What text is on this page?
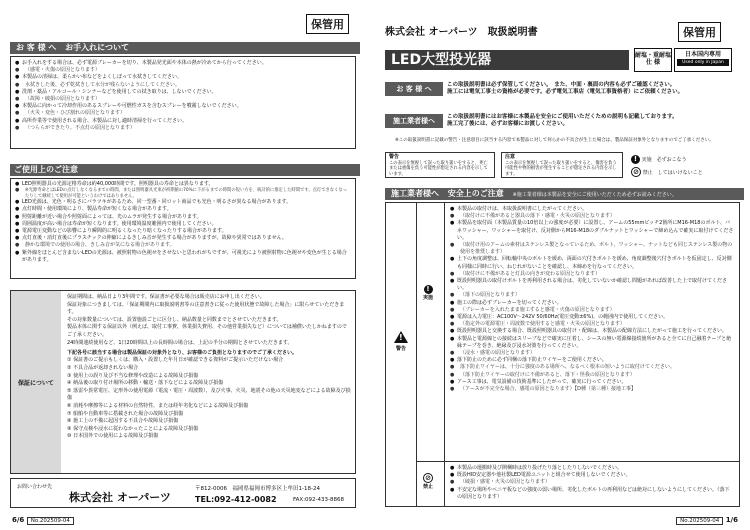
保管用
お 客 様 へ お手入れについて
● お手入れをする場合は、必ず電源ブレーカーを切り、本製品発光面や本体の熱が冷めてから行ってください。
● （感電・火傷の原因となります）
● 本製品の清掃は、柔らかい布などをよくしぼって水拭きしてください。
● 水拭きした後、必ず乾拭きして水分が残らないようにしてください。
● 洗剤・薬品・アルコール・シンナーなどを使用しての拭き取りは、しないでください。
● （故障・破損の原因となります）
● 本製品に向かって冷却作用のあるスプレーや可燃性ガスを含むスプレーを噴霧しないでください。
● （火災・変色・ひび割れの原因となります）
● 高所作業等で使用される場合、本製品に対し適時清掃を行ってください。
● （つららができたり、不点灯の原因となります）
ご使用上のご注意
● LED照明器具の光源定格寿命は約40,000時間です。照明器具の寿命とは異なります。
● ※光源寿命とはLEDの点灯しなくなるまでの時間、または照明器具光束が初期値の70%に下がるまでの時間の短い方を、統計的に推定した時間です。点灯できなくなったりして継続して使用が可能というわけではありません。
● LED光源は、光色・明るさにバラツキがあるため、同一型番・同ロット商品でも光色・明るさが異なる場合があります。
● 点灯時間・使用環境により、製品寿命が短くなる場合があります。
● 照射距離が近い場合や照射面によっては、光のムラが発生する場合があります。
● 周囲温度が高い場合は寿命が短くなります。使用環境温度範囲内で使用してください。
● 電源電圧変動などの影響により瞬間的に明るくなったり暗くなったりする場合があります。
● 点灯直後・消灯直後にプラスチックの伸縮によるきしみ音が発生する場合がありますが、故障や異常ではありません。
● 静かな環境での使用の場合、きしみ音が気になる場合があります。
● 紫外線をほとんど含まないLEDの光源は、被照射物の色褪せをさせないと思われがちですが、可視光により被照射物に色褪せや変色が生じる場合があります。
保証について
保証期間は、納品日より3年間です。保証書が必要な場合は販売店にお申し出ください。
保証対象につきましては、「保証期間内に取扱説明書等の注意書きに従った使用状態で故障した場合」に限らせていただきます。
その対象数量については、設置施設ごとに区分し、納品数量と同数までとさせていただきます。
製品本体に関する保証以外（例えば、取付工事費、休業損失費用、その他営業損失など）については補償いたしかねますのでご了承ください。
24時間連続使用など、1日20時間以上の長時間の場合は、上記の半分の期間とさせていただきます。
下記各号に該当する場合は製品保証の対象外となり、お客様のご負担となりますのでご了承ください。
① 保証書のご提示もしくは、購入・設置した年月日が確認できる資料がご提示いただけない場合
② 不具合品が返却されない場合
③ 使用上の誤り及び不当な修理や改造による故障及び損傷
④ 納品後の取り付け場所の移動・輸送・落下などによる故障及び損傷
⑤ 落雷や異常電圧、定形外の使用電源（電流・電圧・周波数）、及び火事、火災、地震その他の天災地変などによる故障及び損傷
⑥ 消耗や摩擦等による材料の自然特性、または経年劣化などによる故障及び損傷
⑦ 船舶や自動車等に搭載された場合の故障及び損傷
⑧ 施工上の不備に起因する不具合や故障及び損傷
⑨ 保守点検や浸水に従わなかったことによる故障及び損傷
⑩ 日本国外での使用による故障及び損傷
お問い合わせ先
株式会社 オーパーツ
〒812-0006　福岡県福岡市博多区上牟田1-18-24
TEL:092-412-0082	FAX:092-433-8868
6/6 No.202509-04
株式会社 オーパーツ　取扱説明書	保管用
LED大型投光器	耐塩・重耐塩仕 様
日本国内専用
Used only in Japan
お 客 様 へ	この取扱説明書は必ず保管してください。　また、中面・裏面の内容も必ずご確認ください。
施工には電気工事士の資格が必要です。必ず電気工事店（電気工事資格者）にご依頼ください。
施工業者様へ	この取扱説明書にはお客様に本製品を安全にご使用いただくための説明も記載しております。
施工完了後には、必ずお客様にお渡しください。
※この取扱説明書に記載の警告・注意項目に該当する内容で本製品に対して何らかの不具合が生じた場合は、製品保証対象外となりますのでご了承ください。
警告
この表示を無視して誤った取り扱いをすると、死亡または重傷を負う可能性が想定される内容を示しています。
注意
この表示を無視して誤った取り扱いをすると、傷害を負う可能性や物的損害が発生することが想定される内容を示します。
! 実施　必ずおこなう
⊘ 禁止　してはいけないこと
施工業者様へ 安全上のご注意 ※施工業者様は本製品を安全にご使用いただくため必ずお読みください。
!
警告
!
実施
⊘
禁止
● 本製品の取付けは、本取扱説明書にしたがってください。
● （取付けに不備があると器具の落下・感電・火災の原因となります）
● 本製品を取付面（本製品質量の10倍以上の強度が必要）に設置し、アームの55mmピッチ2箇所にM16-M18のボルト、バネワッシャー、ワッシャーを取付け、反対側からM16-M18のダブルナットとワッシャーで締め込んで確実に取付けてください。
● （取付け用のアームの素材はステンレス製となっているため、ボルト、ワッシャー、ナットなども同じステンレス製の物の使用を推奨します）
● 上下の角度調整は、回転軸中央のボルトを緩め、両面の穴付きボルトを緩め、角度調整後穴付きボルトを仮固定し、反対側も同様に同時に行い、ねじれがないことを確認し、本締めを行なってください。
● （取付けに不備があると灯具の向きが変わる原因となります）
● 既設照明器具の取付けボルトを再利用される場合は、劣化していないか確認し問題があれば改善した上で取付けてください。
● （落下の原因となります）
● 施工の際は必ずブレーカーを切ってください。
● （ブレーカーを入れたまま施工すると感電・火傷の原因となります）
● 電源は入力電圧：AC100V〜242V 50/60Hz(電圧変動±6%)、の範囲内で使用してください。
● （指定外の電源電圧・周波数で使用すると感電・火災の原因となります）
● 既設照明器具と交換する場合、既設照明器具の取付け・配線は、本製品の配線方法にしたがって施工を行ってください。
● 本製品と電源線との接続はスリーブなどで確実に圧着し、シースの無い電源線接続箇所があると全てに自己融着テープと絶縁テープを巻き、絶縁及び浸水対策を行ってください。
● （浸水・感電の原因となります）
● 落下防止のために必ず同梱の落下防止ワイヤーをご使用ください。
● 落下防止ワイヤーは、十分に強度のある場所へ、なるべく根本の短いように取付けてください。
● （落下防止ワイヤーの取付けに不備があると、落下・怪我の原因となります）
● アース工事は、電気設備の技術基準にしたがって、確実に行ってください。
● （アースが不完全な場合、感電の原因となります）【D種（第三種）接地工事】
● 本製品の運搬時及び開梱時は放り投げたり落としたりしないでください。
● 既設HID安定器や他社製LED電源ユニットと組合せて使用しないでください。
● （破損・感電・火災の原因となります）
● 不安定な場所やベニヤ板などの強度の弱い場所、劣化したボルトの再利用などは絶対にしないようにしてください。（落下の原因となります）
No.202509-04 1/6
